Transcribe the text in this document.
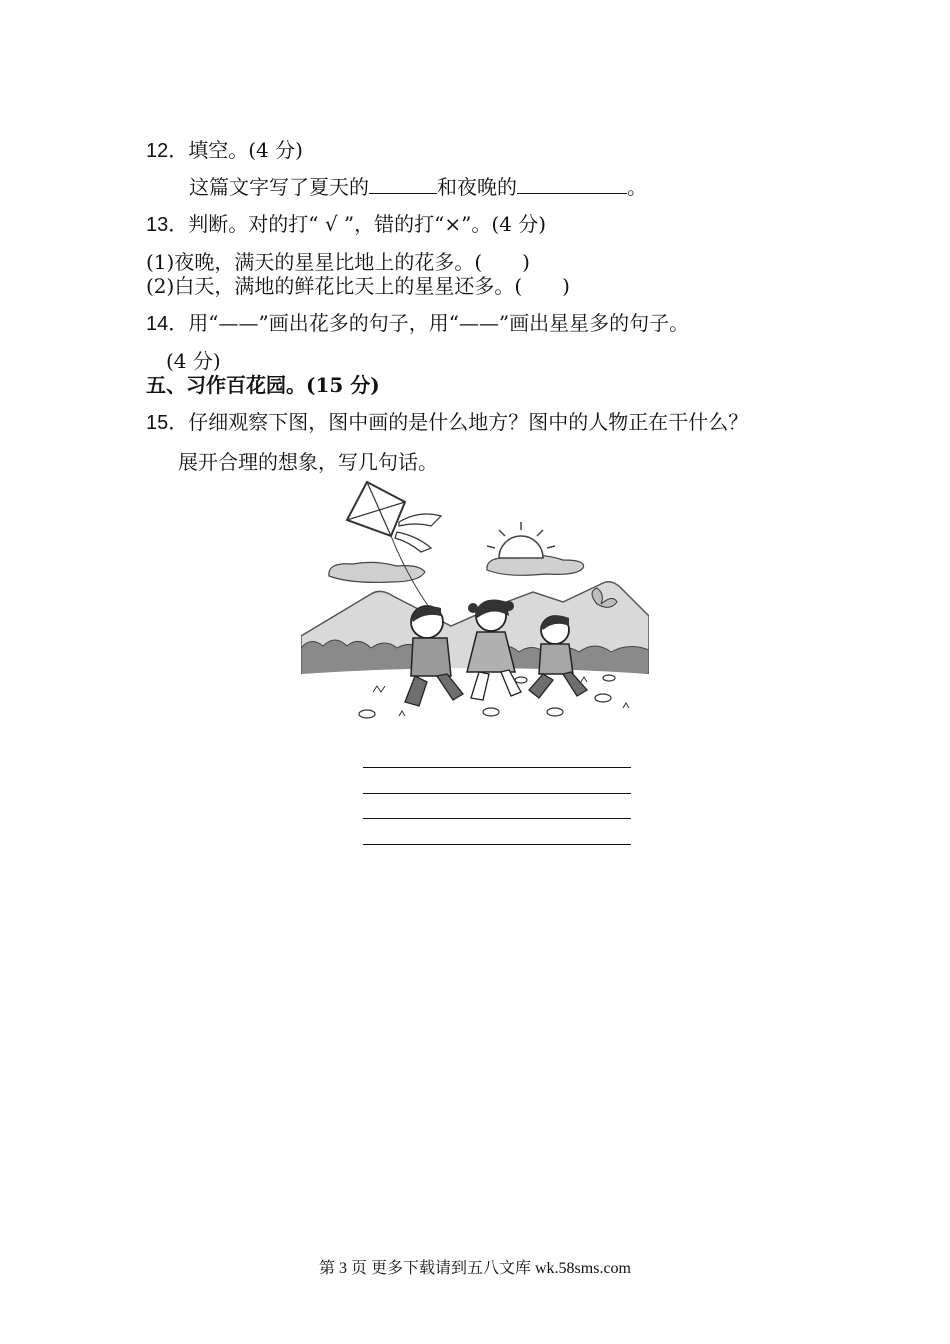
12．填空。(4 分)
这篇文字写了夏天的	和夜晚的	。
13．判断。对的打“ √ ”，错的打“×”。(4 分)
(1)夜晚，满天的星星比地上的花多。(　　)
(2)白天，满地的鲜花比天上的星星还多。(　　)
14．用“——”画出花多的句子，用“——”画出星星多的句子。
(4 分)
五、习作百花园。(15 分)
15．仔细观察下图，图中画的是什么地方？图中的人物正在干什么？
展开合理的想象，写几句话。
第 3 页 更多下载请到五八文库 wk.58sms.com
